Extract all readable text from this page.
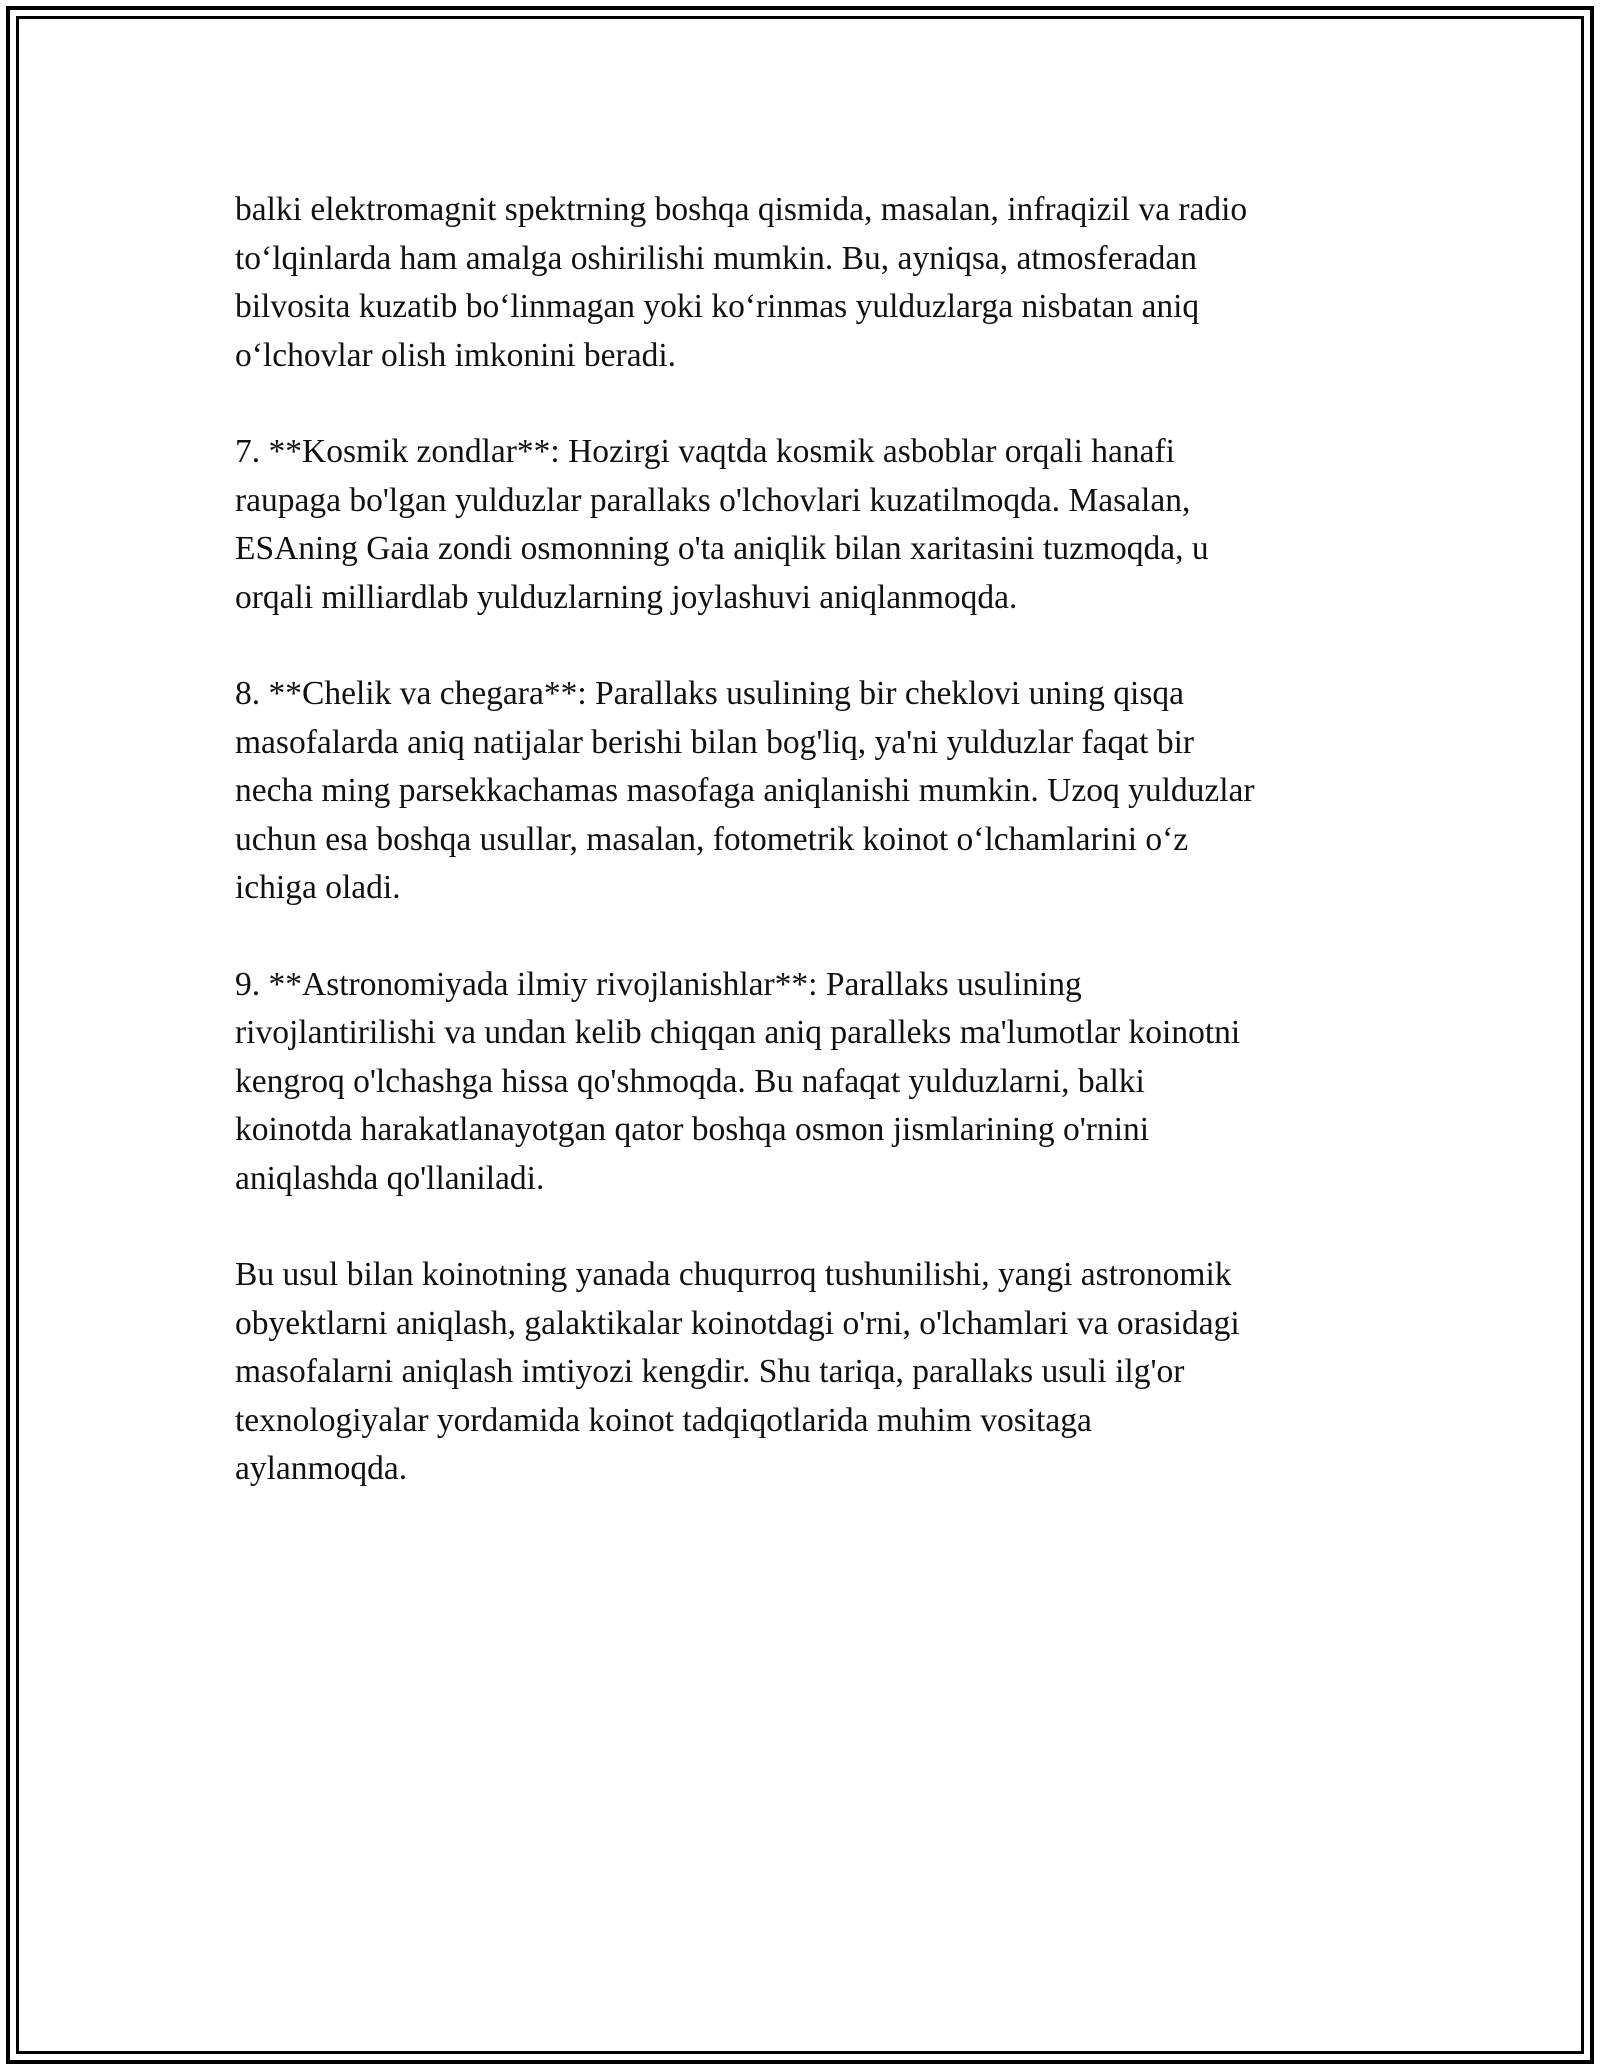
balki elektromagnit spektrning boshqa qismida, masalan, infraqizil va radio
to‘lqinlarda ham amalga oshirilishi mumkin. Bu, ayniqsa, atmosferadan
bilvosita kuzatib bo‘linmagan yoki ko‘rinmas yulduzlarga nisbatan aniq
o‘lchovlar olish imkonini beradi.

7. **Kosmik zondlar**: Hozirgi vaqtda kosmik asboblar orqali hanafi
raupaga bo'lgan yulduzlar parallaks o'lchovlari kuzatilmoqda. Masalan,
ESAning Gaia zondi osmonning o'ta aniqlik bilan xaritasini tuzmoqda, u
orqali milliardlab yulduzlarning joylashuvi aniqlanmoqda.

8. **Chelik va chegara**: Parallaks usulining bir cheklovi uning qisqa
masofalarda aniq natijalar berishi bilan bog'liq, ya'ni yulduzlar faqat bir
necha ming parsekkachamas masofaga aniqlanishi mumkin. Uzoq yulduzlar
uchun esa boshqa usullar, masalan, fotometrik koinot o‘lchamlarini o‘z
ichiga oladi.

9. **Astronomiyada ilmiy rivojlanishlar**: Parallaks usulining
rivojlantirilishi va undan kelib chiqqan aniq paralleks ma'lumotlar koinotni
kengroq o'lchashga hissa qo'shmoqda. Bu nafaqat yulduzlarni, balki
koinotda harakatlanayotgan qator boshqa osmon jismlarining o'rnini
aniqlashda qo'llaniladi.

Bu usul bilan koinotning yanada chuqurroq tushunilishi, yangi astronomik
obyektlarni aniqlash, galaktikalar koinotdagi o'rni, o'lchamlari va orasidagi
masofalarni aniqlash imtiyozi kengdir. Shu tariqa, parallaks usuli ilg'or
texnologiyalar yordamida koinot tadqiqotlarida muhim vositaga
aylanmoqda.
